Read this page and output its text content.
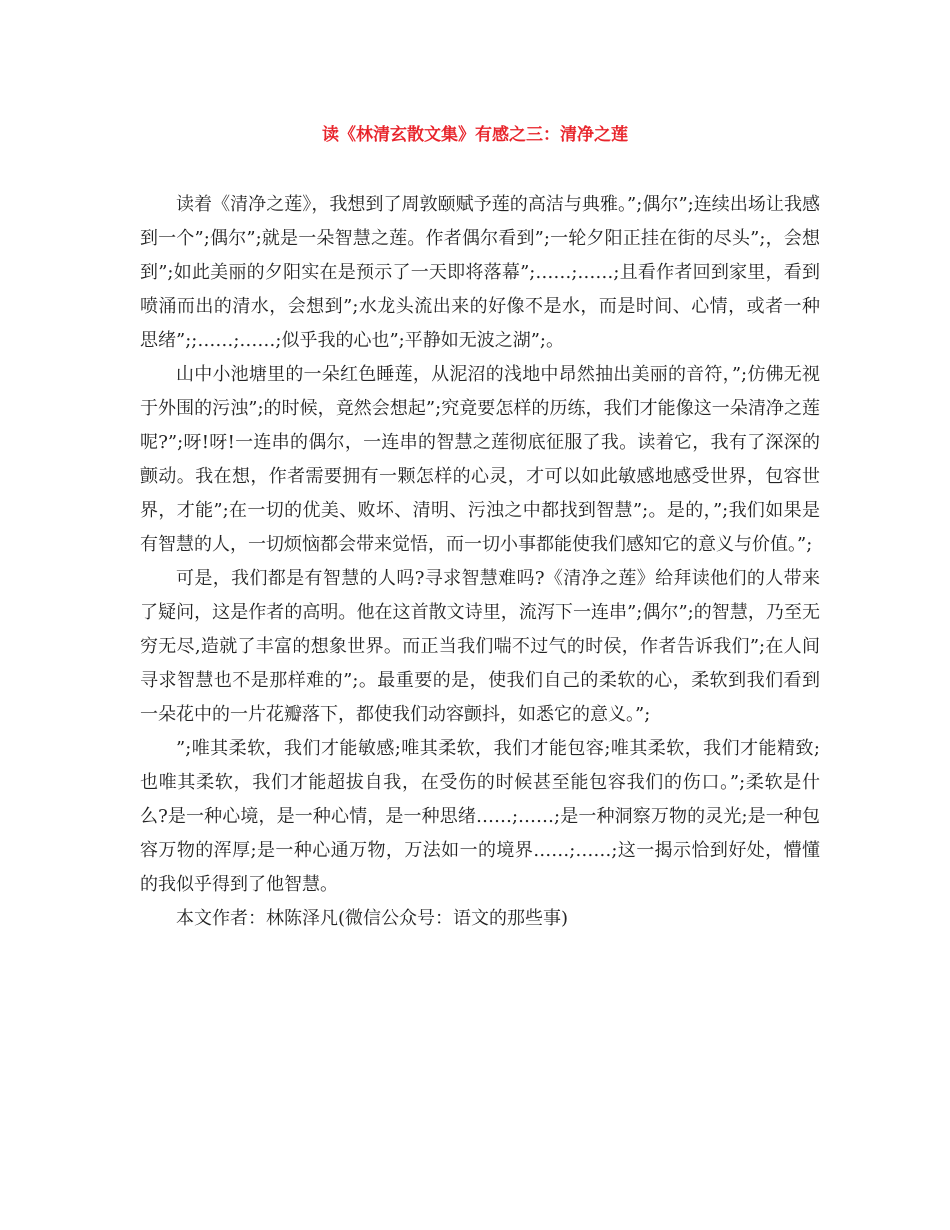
读《林清玄散文集》有感之三：清净之莲

读着《清净之莲》，我想到了周敦颐赋予莲的高洁与典雅。”;偶尔”;连续出场让我感到一个”;偶尔”;就是一朵智慧之莲。作者偶尔看到”;一轮夕阳正挂在街的尽头”;，会想到”;如此美丽的夕阳实在是预示了一天即将落幕”;……;……;且看作者回到家里，看到喷涌而出的清水，会想到”;水龙头流出来的好像不是水，而是时间、心情，或者一种思绪”;;……;……;似乎我的心也”;平静如无波之湖”;。

山中小池塘里的一朵红色睡莲，从泥沼的浅地中昂然抽出美丽的音符，”;仿佛无视于外围的污浊”;的时候，竟然会想起”;究竟要怎样的历练，我们才能像这一朵清净之莲呢?”;呀!呀!一连串的偶尔，一连串的智慧之莲彻底征服了我。读着它，我有了深深的颤动。我在想，作者需要拥有一颗怎样的心灵，才可以如此敏感地感受世界，包容世界，才能”;在一切的优美、败坏、清明、污浊之中都找到智慧”;。是的，”;我们如果是有智慧的人，一切烦恼都会带来觉悟，而一切小事都能使我们感知它的意义与价值。”;

可是，我们都是有智慧的人吗?寻求智慧难吗?《清净之莲》给拜读他们的人带来了疑问，这是作者的高明。他在这首散文诗里，流泻下一连串”;偶尔”;的智慧，乃至无穷无尽,造就了丰富的想象世界。而正当我们喘不过气的时侯，作者告诉我们”;在人间寻求智慧也不是那样难的”;。最重要的是，使我们自己的柔软的心，柔软到我们看到一朵花中的一片花瓣落下，都使我们动容颤抖，如悉它的意义。”;

”;唯其柔软，我们才能敏感;唯其柔软，我们才能包容;唯其柔软，我们才能精致;也唯其柔软，我们才能超拔自我，在受伤的时候甚至能包容我们的伤口。”;柔软是什么?是一种心境，是一种心情，是一种思绪……;……;是一种洞察万物的灵光;是一种包容万物的浑厚;是一种心通万物，万法如一的境界……;……;这一揭示恰到好处，懵懂的我似乎得到了他智慧。

本文作者：林陈泽凡(微信公众号：语文的那些事)
